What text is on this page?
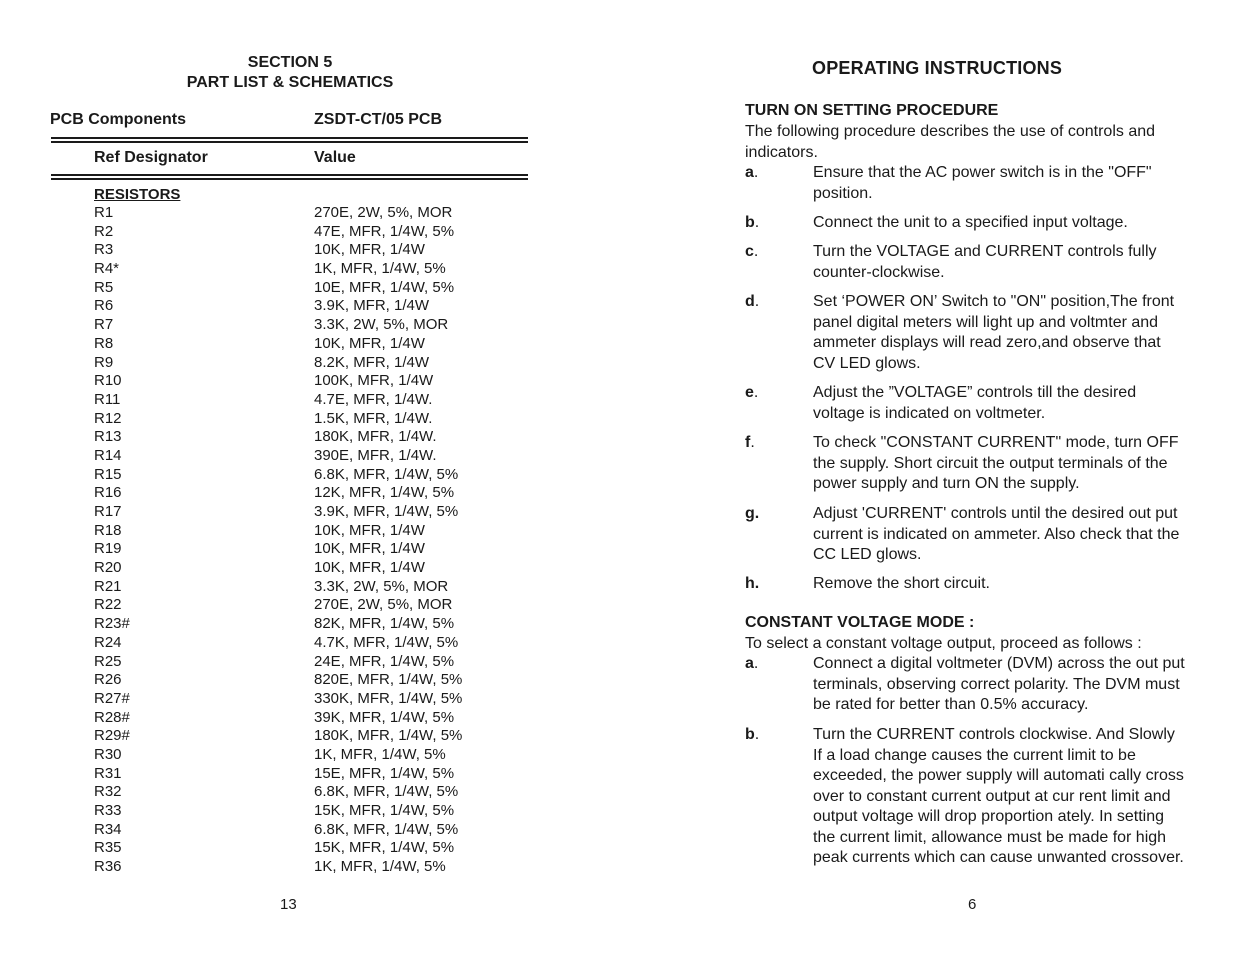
SECTION 5
PART LIST & SCHEMATICS
PCB Components	ZSDT-CT/05 PCB
Ref Designator	Value
RESISTORS
R1	270E, 2W, 5%, MOR
R2	47E, MFR, 1/4W, 5%
R3	10K, MFR, 1/4W
R4*	1K, MFR, 1/4W, 5%
R5	10E, MFR, 1/4W, 5%
R6	3.9K, MFR, 1/4W
R7	3.3K, 2W, 5%, MOR
R8	10K, MFR, 1/4W
R9	8.2K, MFR, 1/4W
R10	100K, MFR, 1/4W
R11	4.7E, MFR, 1/4W.
R12	1.5K, MFR, 1/4W.
R13	180K, MFR, 1/4W.
R14	390E, MFR, 1/4W.
R15	6.8K, MFR, 1/4W, 5%
R16	12K, MFR, 1/4W, 5%
R17	3.9K, MFR, 1/4W, 5%
R18	10K, MFR, 1/4W
R19	10K, MFR, 1/4W
R20	10K, MFR, 1/4W
R21	3.3K, 2W, 5%, MOR
R22	270E, 2W, 5%, MOR
R23#	82K, MFR, 1/4W, 5%
R24	4.7K, MFR, 1/4W, 5%
R25	24E, MFR, 1/4W, 5%
R26	820E, MFR, 1/4W, 5%
R27#	330K, MFR, 1/4W, 5%
R28#	39K, MFR, 1/4W, 5%
R29#	180K, MFR, 1/4W, 5%
R30	1K, MFR, 1/4W, 5%
R31	15E, MFR, 1/4W, 5%
R32	6.8K, MFR, 1/4W, 5%
R33	15K, MFR, 1/4W, 5%
R34	6.8K, MFR, 1/4W, 5%
R35	15K, MFR, 1/4W, 5%
R36	1K, MFR, 1/4W, 5%
13
OPERATING INSTRUCTIONS
TURN ON SETTING PROCEDURE
The following procedure describes the use of controls and indicators.
a.	Ensure that the AC power switch is in the "OFF" position.
b.	Connect the unit to a specified input voltage.
c.	Turn the VOLTAGE and CURRENT controls fully counter-clockwise.
d.	Set ‘POWER ON’ Switch to "ON" position,The front panel digital meters will light up and voltmter and ammeter displays will read zero,and observe that CV LED glows.
e.	Adjust the ”VOLTAGE” controls till the desired voltage is indicated on voltmeter.
f.	To check "CONSTANT CURRENT" mode, turn OFF the supply. Short circuit the output terminals of the power supply and turn ON the supply.
g.	Adjust 'CURRENT' controls until the desired out put current is indicated on ammeter. Also check that the CC LED glows.
h.	Remove the short circuit.
CONSTANT VOLTAGE MODE :
To select a constant voltage output, proceed as follows :
a.	Connect a digital voltmeter (DVM) across the out put terminals, observing correct polarity. The DVM must be rated for better than 0.5% accuracy.
b.	Turn the CURRENT controls clockwise. And Slowly If a load change causes the current limit to be exceeded, the power supply will automati cally cross over to constant current output at cur rent limit and output voltage will drop proportion ately. In setting the current limit, allowance must be made for high peak currents which can cause unwanted crossover.
6
